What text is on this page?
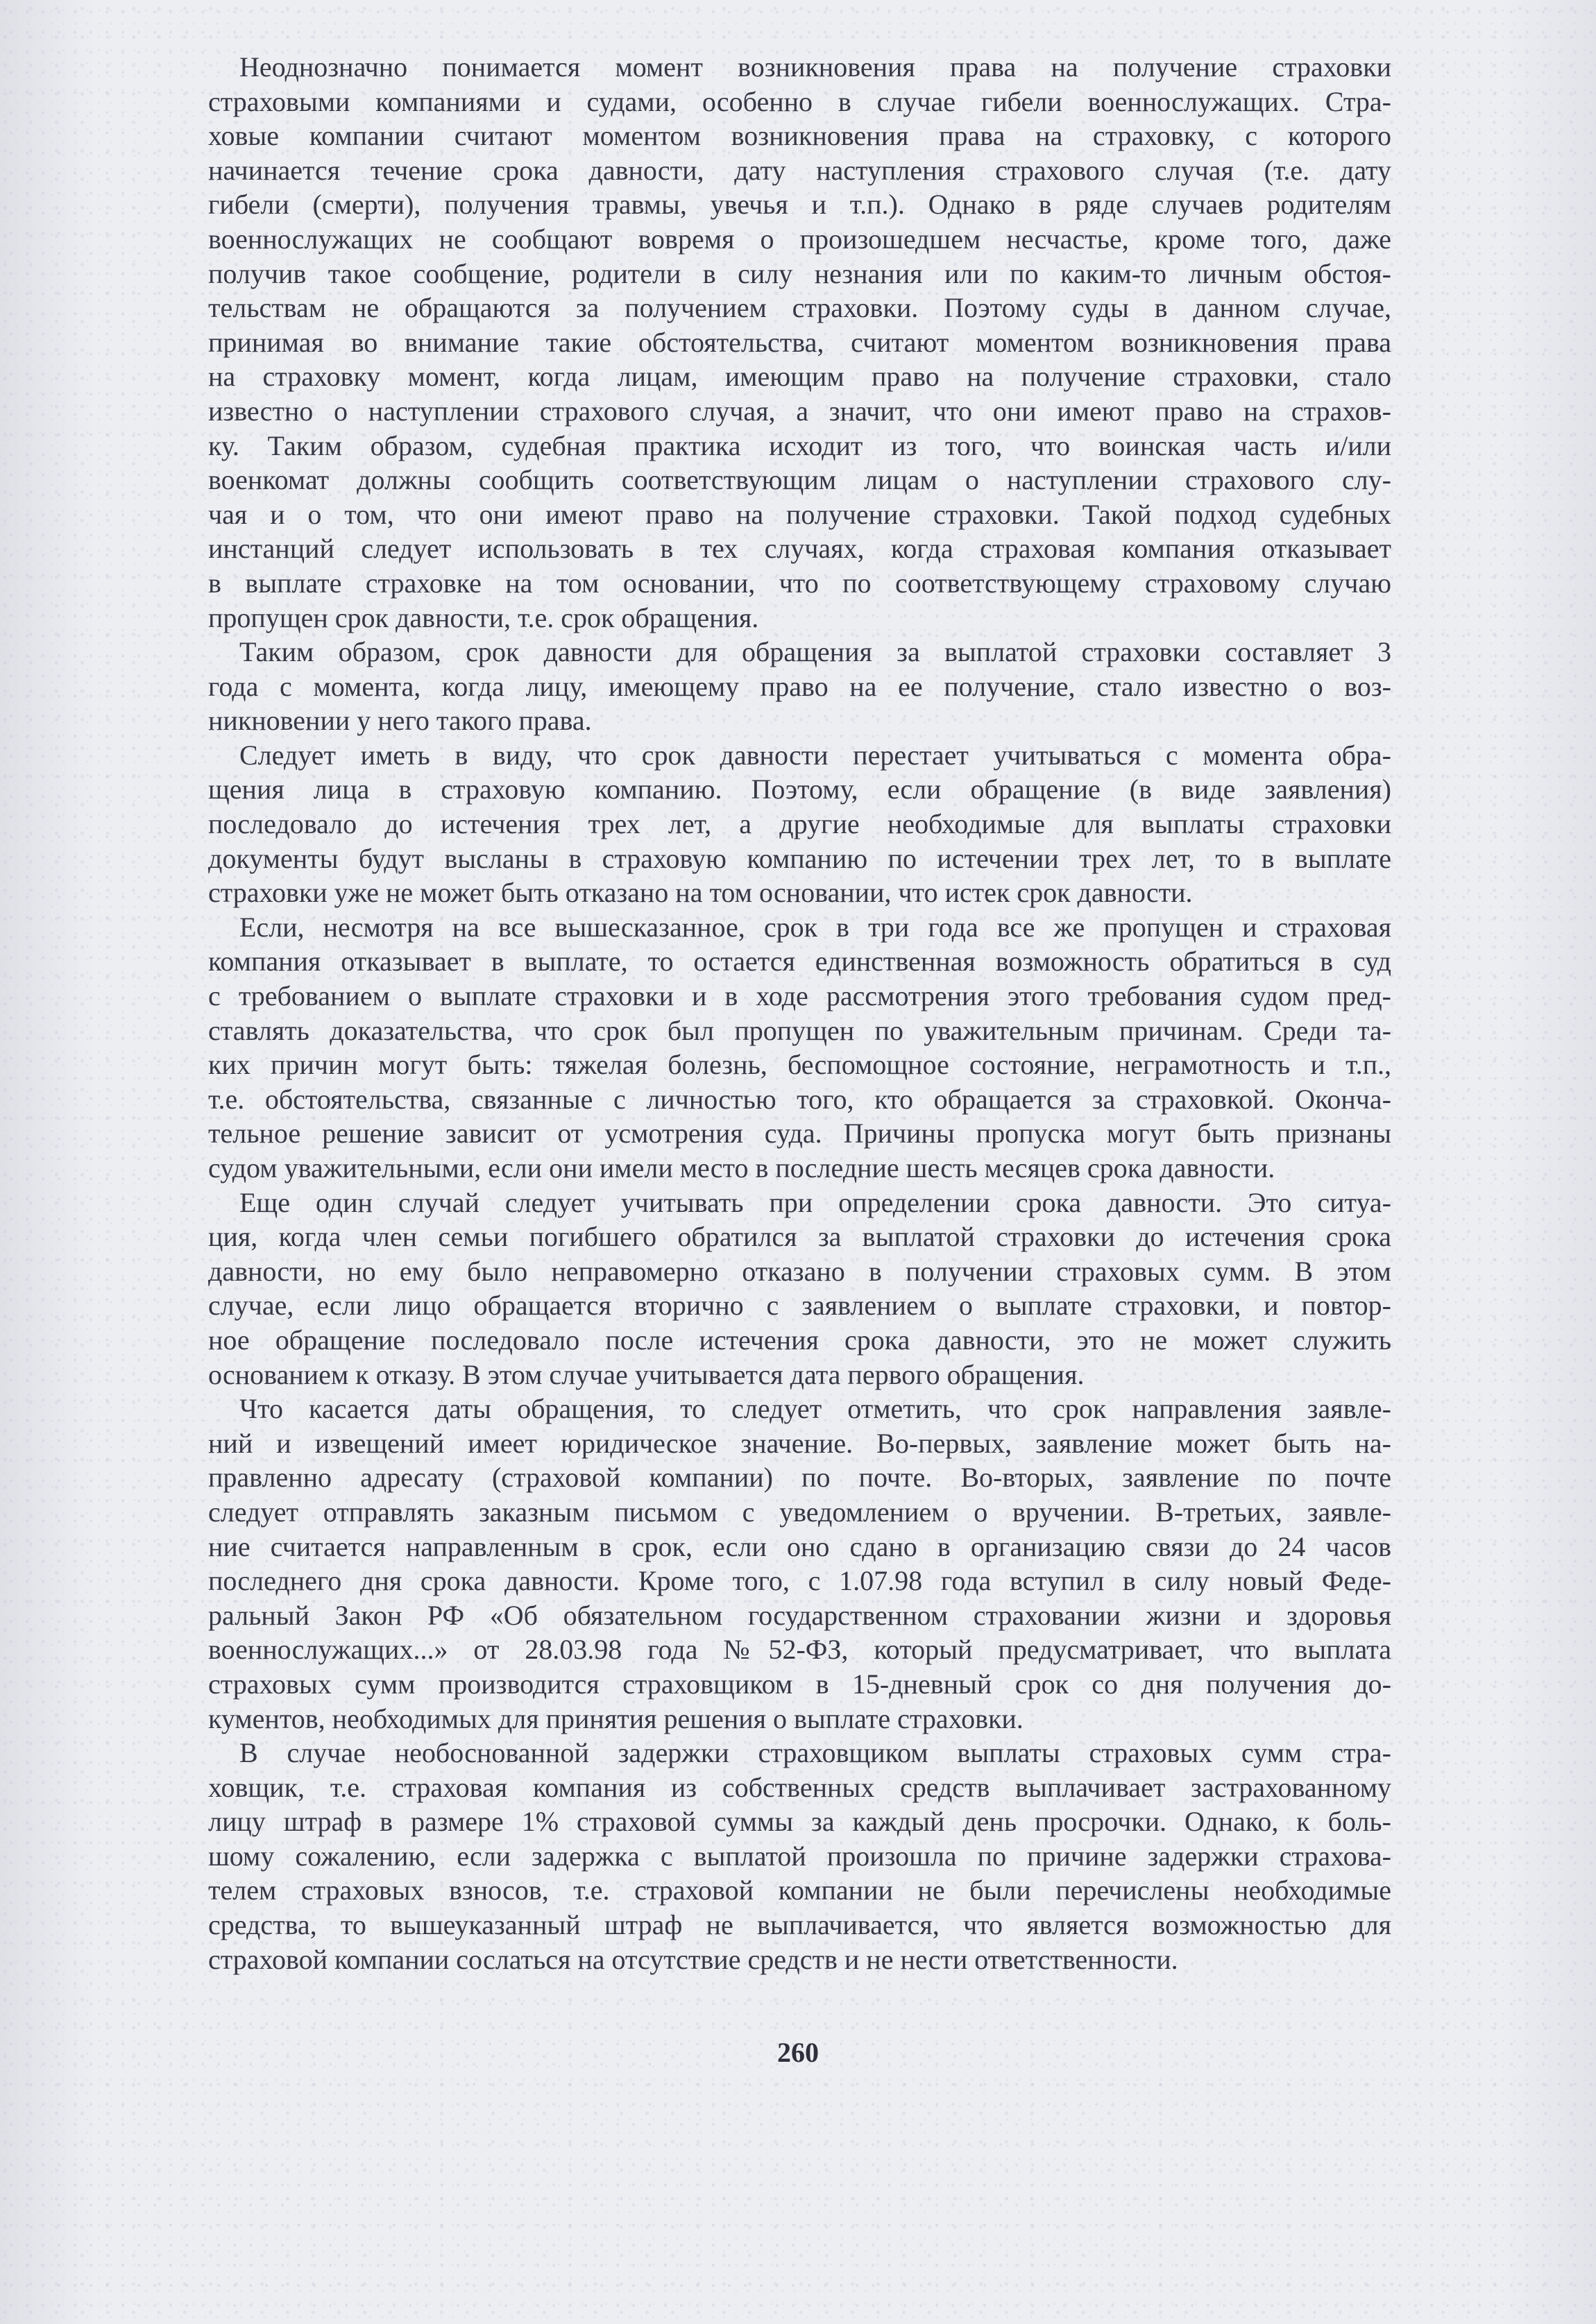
Неоднозначно понимается момент возникновения права на получение страховки
страховыми компаниями и судами, особенно в случае гибели военнослужащих. Стра-
ховые компании считают моментом возникновения права на страховку, с которого
начинается течение срока давности, дату наступления страхового случая (т.е. дату
гибели (смерти), получения травмы, увечья и т.п.). Однако в ряде случаев родителям
военнослужащих не сообщают вовремя о произошедшем несчастье, кроме того, даже
получив такое сообщение, родители в силу незнания или по каким-то личным обстоя-
тельствам не обращаются за получением страховки. Поэтому суды в данном случае,
принимая во внимание такие обстоятельства, считают моментом возникновения права
на страховку момент, когда лицам, имеющим право на получение страховки, стало
известно о наступлении страхового случая, а значит, что они имеют право на страхов-
ку. Таким образом, судебная практика исходит из того, что воинская часть и/или
военкомат должны сообщить соответствующим лицам о наступлении страхового слу-
чая и о том, что они имеют право на получение страховки. Такой подход судебных
инстанций следует использовать в тех случаях, когда страховая компания отказывает
в выплате страховке на том основании, что по соответствующему страховому случаю
пропущен срок давности, т.е. срок обращения.
Таким образом, срок давности для обращения за выплатой страховки составляет 3
года с момента, когда лицу, имеющему право на ее получение, стало известно о воз-
никновении у него такого права.
Следует иметь в виду, что срок давности перестает учитываться с момента обра-
щения лица в страховую компанию. Поэтому, если обращение (в виде заявления)
последовало до истечения трех лет, а другие необходимые для выплаты страховки
документы будут высланы в страховую компанию по истечении трех лет, то в выплате
страховки уже не может быть отказано на том основании, что истек срок давности.
Если, несмотря на все вышесказанное, срок в три года все же пропущен и страховая
компания отказывает в выплате, то остается единственная возможность обратиться в суд
с требованием о выплате страховки и в ходе рассмотрения этого требования судом пред-
ставлять доказательства, что срок был пропущен по уважительным причинам. Среди та-
ких причин могут быть: тяжелая болезнь, беспомощное состояние, неграмотность и т.п.,
т.е. обстоятельства, связанные с личностью того, кто обращается за страховкой. Оконча-
тельное решение зависит от усмотрения суда. Причины пропуска могут быть признаны
судом уважительными, если они имели место в последние шесть месяцев срока давности.
Еще один случай следует учитывать при определении срока давности. Это ситуа-
ция, когда член семьи погибшего обратился за выплатой страховки до истечения срока
давности, но ему было неправомерно отказано в получении страховых сумм. В этом
случае, если лицо обращается вторично с заявлением о выплате страховки, и повтор-
ное обращение последовало после истечения срока давности, это не может служить
основанием к отказу. В этом случае учитывается дата первого обращения.
Что касается даты обращения, то следует отметить, что срок направления заявле-
ний и извещений имеет юридическое значение. Во-первых, заявление может быть на-
правленно адресату (страховой компании) по почте. Во-вторых, заявление по почте
следует отправлять заказным письмом с уведомлением о вручении. В-третьих, заявле-
ние считается направленным в срок, если оно сдано в организацию связи до 24 часов
последнего дня срока давности. Кроме того, с 1.07.98 года вступил в силу новый Феде-
ральный Закон РФ «Об обязательном государственном страховании жизни и здоровья
военнослужащих...» от 28.03.98 года №52-ФЗ, который предусматривает, что выплата
страховых сумм производится страховщиком в 15-дневный срок со дня получения до-
кументов, необходимых для принятия решения о выплате страховки.
В случае необоснованной задержки страховщиком выплаты страховых сумм стра-
ховщик, т.е. страховая компания из собственных средств выплачивает застрахованному
лицу штраф в размере 1% страховой суммы за каждый день просрочки. Однако, к боль-
шому сожалению, если задержка с выплатой произошла по причине задержки страхова-
телем страховых взносов, т.е. страховой компании не были перечислены необходимые
средства, то вышеуказанный штраф не выплачивается, что является возможностью для
страховой компании сослаться на отсутствие средств и не нести ответственности.
260
